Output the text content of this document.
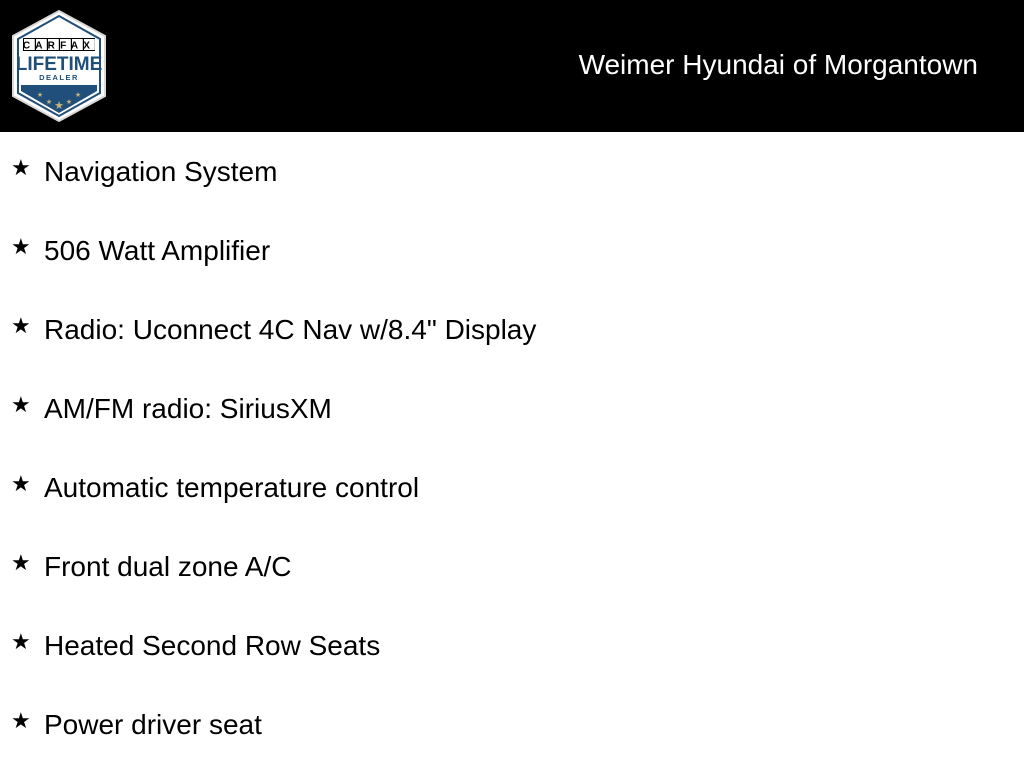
CARFAX
LIFETIME
DEALER
★
★ ★ ★
★
Weimer Hyundai of Morgantown
★ Navigation System
★ 506 Watt Amplifier
★ Radio: Uconnect 4C Nav w/8.4" Display
★ AM/FM radio: SiriusXM
★ Automatic temperature control
★ Front dual zone A/C
★ Heated Second Row Seats
★ Power driver seat
